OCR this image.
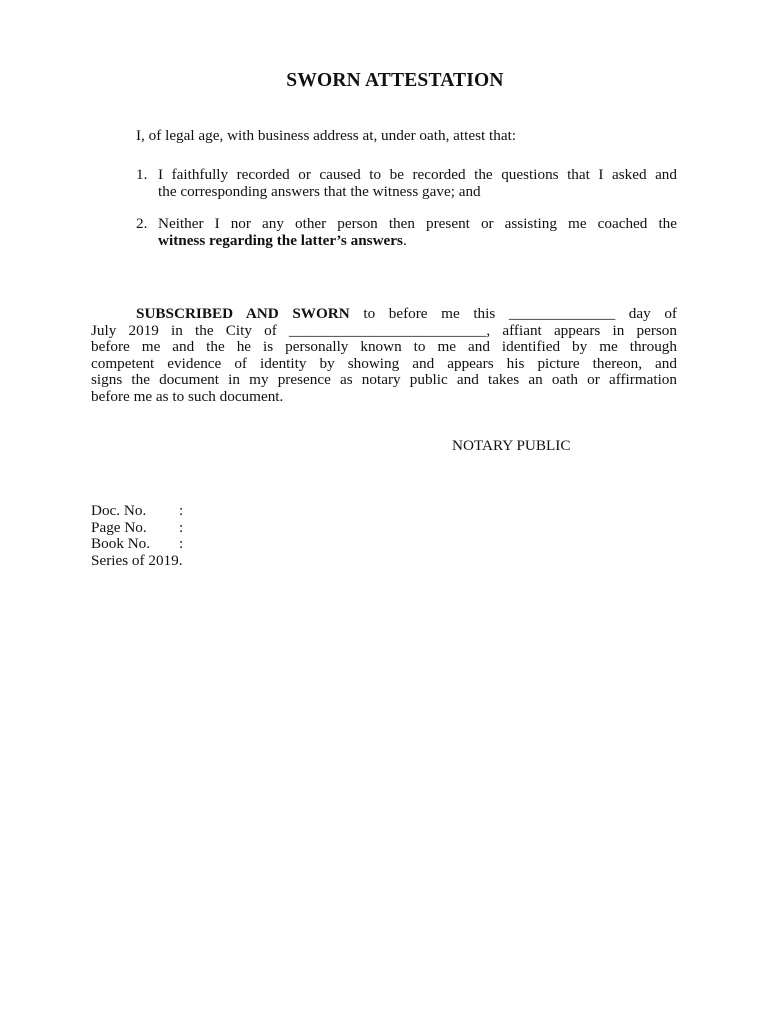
SWORN ATTESTATION
I, of legal age, with business address at, under oath, attest that:
1. I faithfully recorded or caused to be recorded the questions that I asked and
the corresponding answers that the witness gave; and
2. Neither I nor any other person then present or assisting me coached the
witness regarding the latter’s answers.
SUBSCRIBED AND SWORN to before me this ______________ day of
July 2019 in the City of __________________________, affiant appears in person
before me and the he is personally known to me and identified by me through
competent evidence of identity by showing and appears his picture thereon, and
signs the document in my presence as notary public and takes an oath or affirmation
before me as to such document.
NOTARY PUBLIC
Doc. No. :
Page No. :
Book No. :
Series of 2019.
